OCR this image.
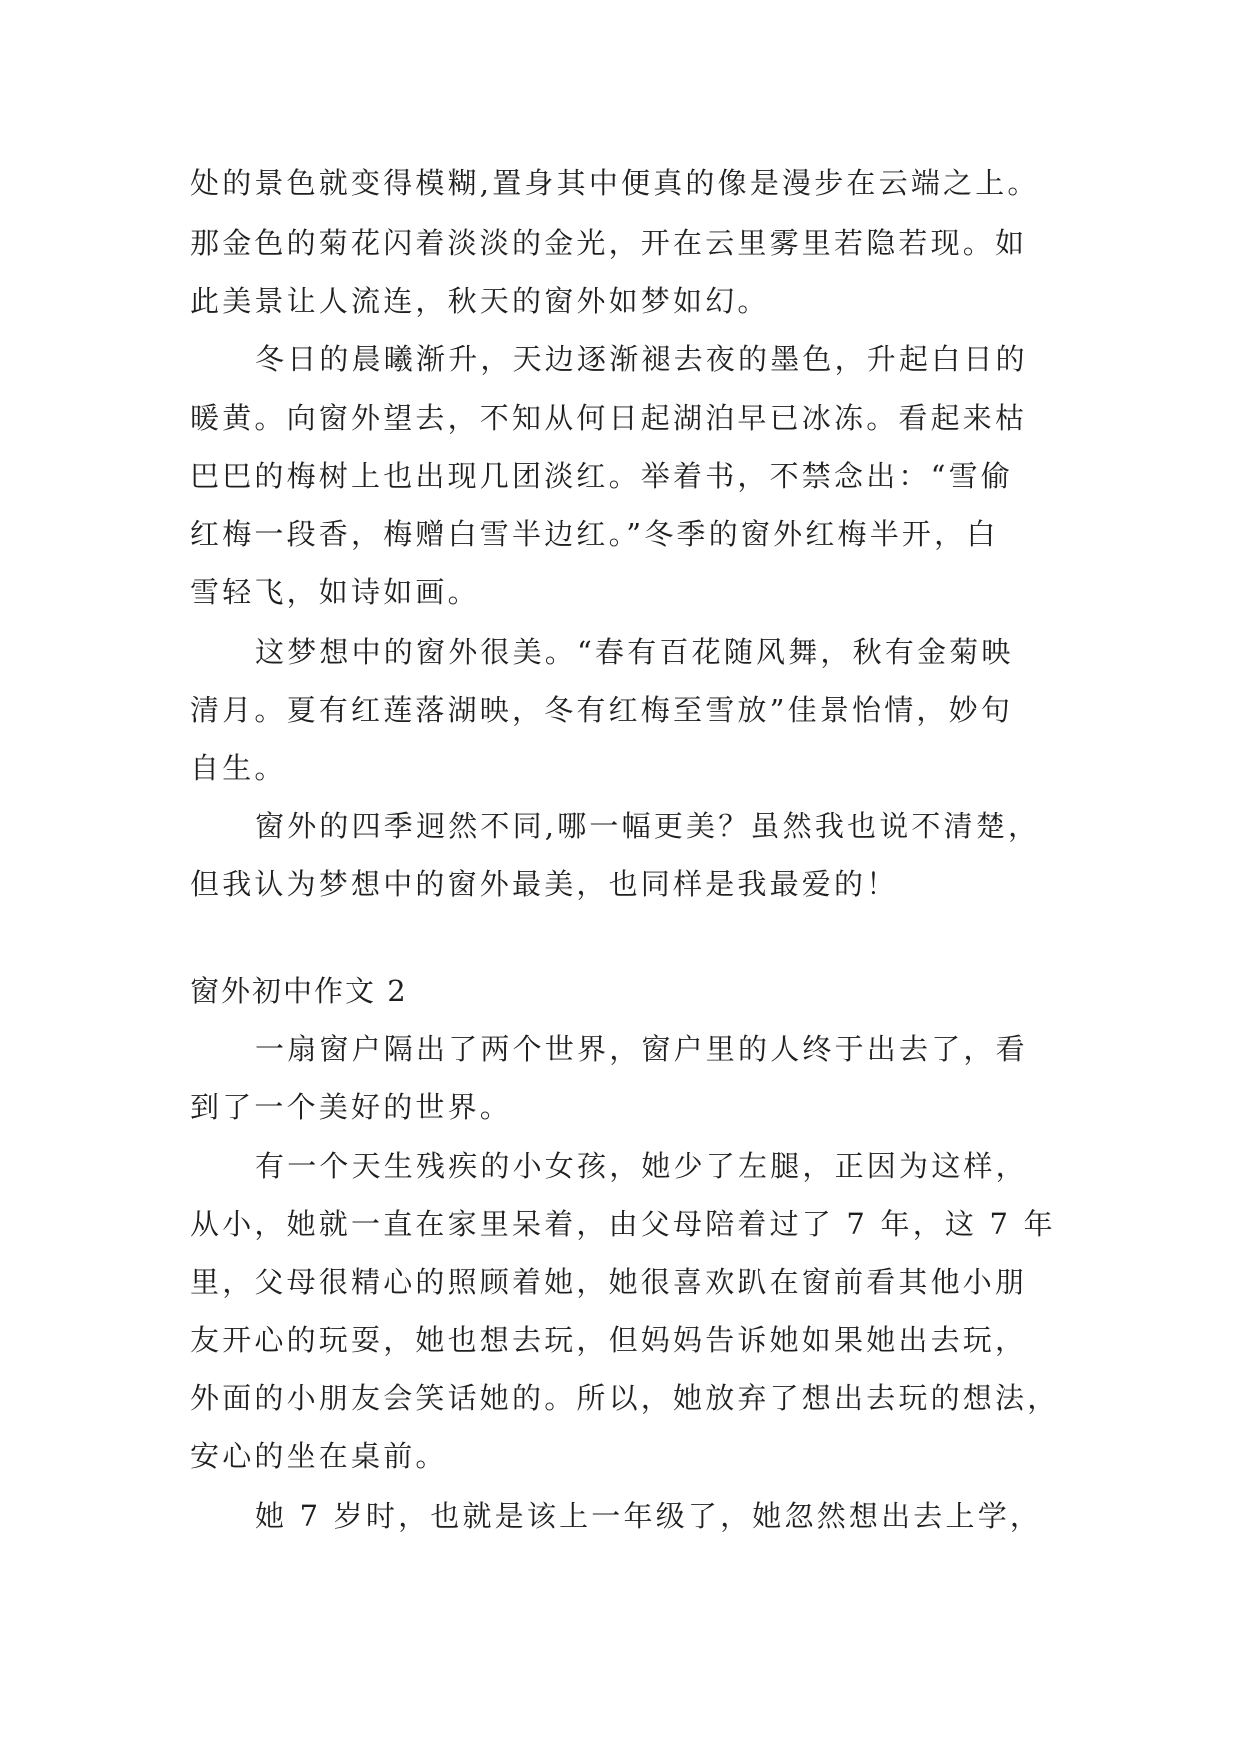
处的景色就变得模糊,置身其中便真的像是漫步在云端之上。

那金色的菊花闪着淡淡的金光，开在云里雾里若隐若现。如

此美景让人流连，秋天的窗外如梦如幻。

冬日的晨曦渐升，天边逐渐褪去夜的墨色，升起白日的

暖黄。向窗外望去，不知从何日起湖泊早已冰冻。看起来枯

巴巴的梅树上也出现几团淡红。举着书，不禁念出：“雪偷

红梅一段香，梅赠白雪半边红。”冬季的窗外红梅半开，白

雪轻飞，如诗如画。

这梦想中的窗外很美。“春有百花随风舞，秋有金菊映

清月。夏有红莲落湖映，冬有红梅至雪放”佳景怡情，妙句

自生。

窗外的四季迥然不同,哪一幅更美？虽然我也说不清楚，

但我认为梦想中的窗外最美，也同样是我最爱的！

窗外初中作文 2

一扇窗户隔出了两个世界，窗户里的人终于出去了，看

到了一个美好的世界。

有一个天生残疾的小女孩，她少了左腿，正因为这样，

从小，她就一直在家里呆着，由父母陪着过了 7 年，这 7 年

里，父母很精心的照顾着她，她很喜欢趴在窗前看其他小朋

友开心的玩耍，她也想去玩，但妈妈告诉她如果她出去玩，

外面的小朋友会笑话她的。所以，她放弃了想出去玩的想法，

安心的坐在桌前。

她 7 岁时，也就是该上一年级了，她忽然想出去上学，
